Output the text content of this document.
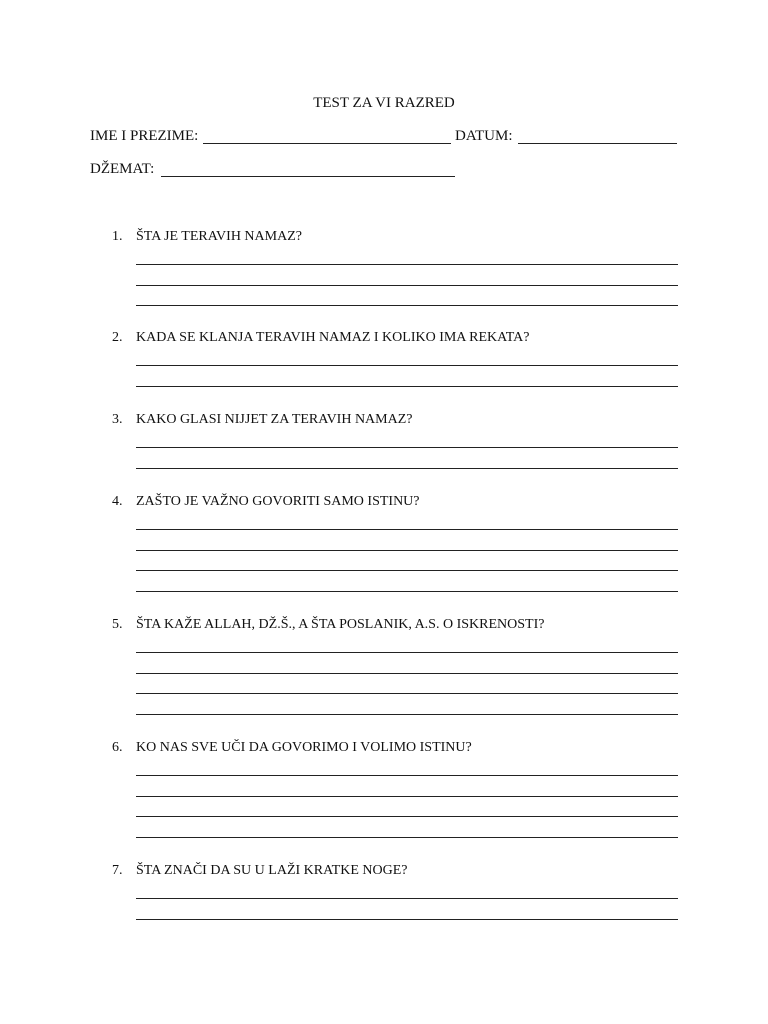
TEST ZA VI RAZRED
IME I PREZIME:	DATUM:
DŽEMAT:
1. ŠTA JE TERAVIH NAMAZ?
2. KADA SE KLANJA TERAVIH NAMAZ I KOLIKO IMA REKATA?
3. KAKO GLASI NIJJET ZA TERAVIH NAMAZ?
4. ZAŠTO JE VAŽNO GOVORITI SAMO ISTINU?
5. ŠTA KAŽE ALLAH, DŽ.Š., A ŠTA POSLANIK, A.S. O ISKRENOSTI?
6. KO NAS SVE UČI DA GOVORIMO I VOLIMO ISTINU?
7. ŠTA ZNAČI DA SU U LAŽI KRATKE NOGE?
